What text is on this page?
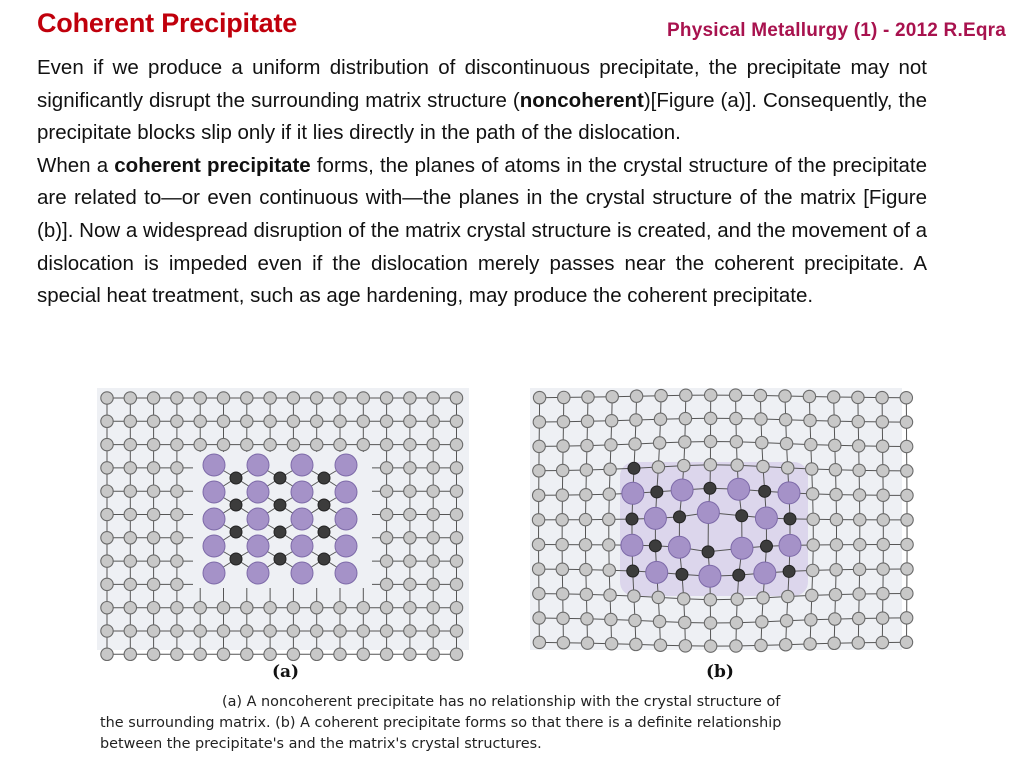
Coherent Precipitate	Physical Metallurgy (1) - 2012 R.Eqra

Even if we produce a uniform distribution of discontinuous precipitate, the precipitate may not significantly disrupt the surrounding matrix structure (noncoherent)[Figure (a)]. Consequently, the precipitate blocks slip only if it lies directly in the path of the dislocation.

When a coherent precipitate forms, the planes of atoms in the crystal structure of the precipitate are related to—or even continuous with—the planes in the crystal structure of the matrix [Figure (b)]. Now a widespread disruption of the matrix crystal structure is created, and the movement of a dislocation is impeded even if the dislocation merely passes near the coherent precipitate. A special heat treatment, such as age hardening, may produce the coherent precipitate.

(a)	(b)
(a) A noncoherent precipitate has no relationship with the crystal structure of
the surrounding matrix. (b) A coherent precipitate forms so that there is a definite relationship
between the precipitate's and the matrix's crystal structures.
